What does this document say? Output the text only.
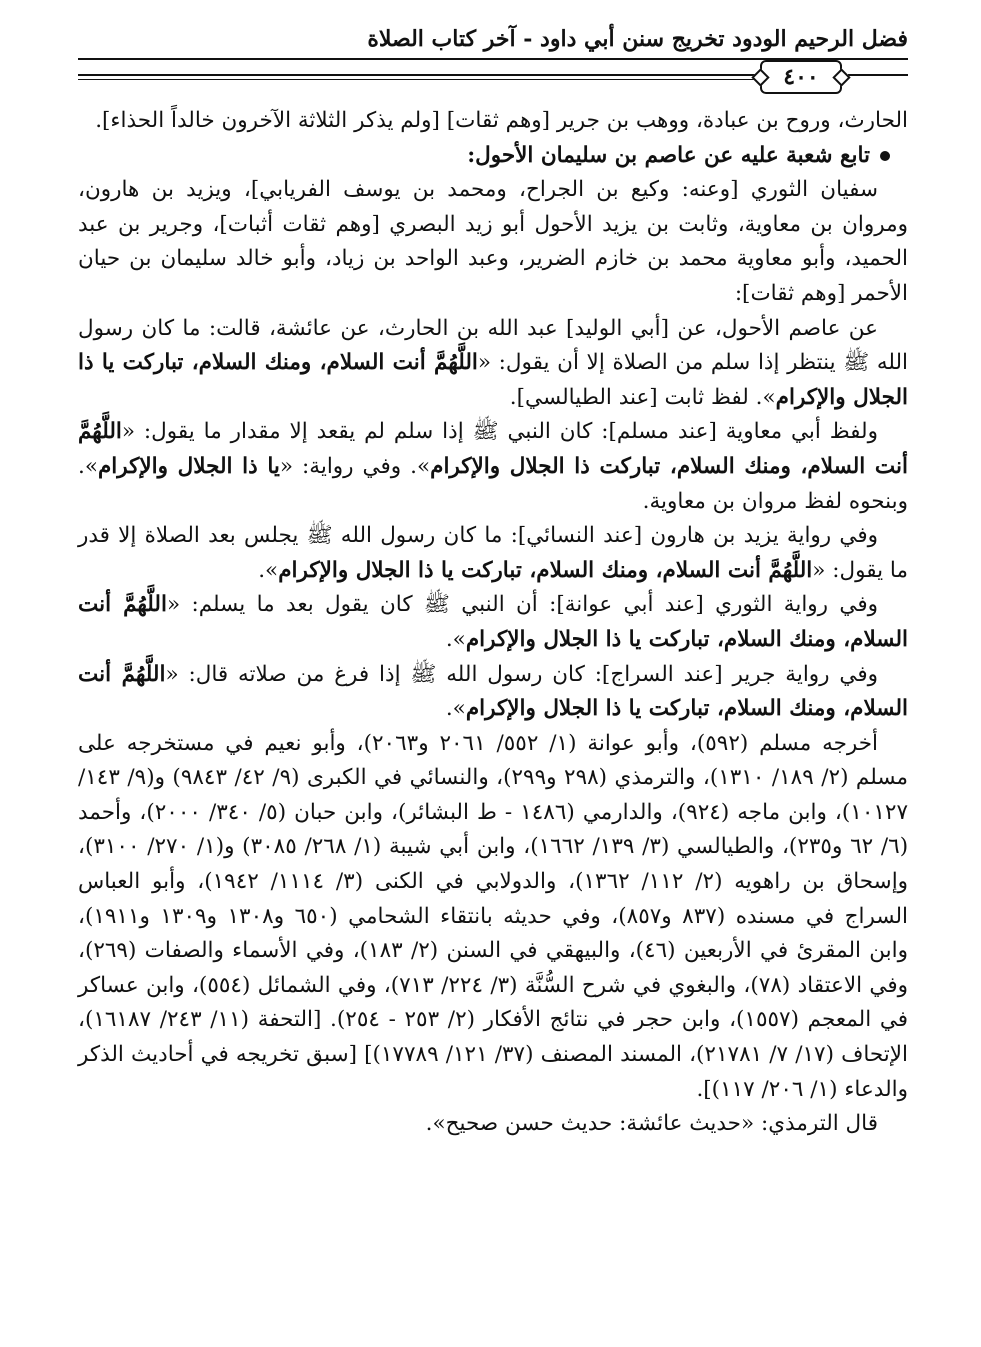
فضل الرحيم الودود تخريج سنن أبي داود - آخر كتاب الصلاة
٤٠٠

الحارث، وروح بن عبادة، ووهب بن جرير [وهم ثقات] [ولم يذكر الثلاثة الآخرون خالداً الحذاء].

تابع شعبة عليه عن عاصم بن سليمان الأحول:

سفيان الثوري [وعنه: وكيع بن الجراح، ومحمد بن يوسف الفريابي]، ويزيد بن هارون، ومروان بن معاوية، وثابت بن يزيد الأحول أبو زيد البصري [وهم ثقات أثبات]، وجرير بن عبد الحميد، وأبو معاوية محمد بن خازم الضرير، وعبد الواحد بن زياد، وأبو خالد سليمان بن حيان الأحمر [وهم ثقات]:

عن عاصم الأحول، عن [أبي الوليد] عبد الله بن الحارث، عن عائشة، قالت: ما كان رسول الله ﷺ ينتظر إذا سلم من الصلاة إلا أن يقول: «اللَّهُمَّ أنت السلام، ومنك السلام، تباركت يا ذا الجلال والإكرام». لفظ ثابت [عند الطيالسي].

ولفظ أبي معاوية [عند مسلم]: كان النبي ﷺ إذا سلم لم يقعد إلا مقدار ما يقول: «اللَّهُمَّ أنت السلام، ومنك السلام، تباركت ذا الجلال والإكرام». وفي رواية: «يا ذا الجلال والإكرام». وبنحوه لفظ مروان بن معاوية.

وفي رواية يزيد بن هارون [عند النسائي]: ما كان رسول الله ﷺ يجلس بعد الصلاة إلا قدر ما يقول: «اللَّهُمَّ أنت السلام، ومنك السلام، تباركت يا ذا الجلال والإكرام».

وفي رواية الثوري [عند أبي عوانة]: أن النبي ﷺ كان يقول بعد ما يسلم: «اللَّهُمَّ أنت السلام، ومنك السلام، تباركت يا ذا الجلال والإكرام».

وفي رواية جرير [عند السراج]: كان رسول الله ﷺ إذا فرغ من صلاته قال: «اللَّهُمَّ أنت السلام، ومنك السلام، تباركت يا ذا الجلال والإكرام».

أخرجه مسلم (٥٩٢)، وأبو عوانة (١/ ٥٥٢/ ٢٠٦١ و٢٠٦٣)، وأبو نعيم في مستخرجه على مسلم (٢/ ١٨٩/ ١٣١٠)، والترمذي (٢٩٨ و٢٩٩)، والنسائي في الكبرى (٩/ ٤٢/ ٩٨٤٣) و(٩/ ١٤٣/ ١٠١٢٧)، وابن ماجه (٩٢٤)، والدارمي (١٤٨٦ - ط البشائر)، وابن حبان (٥/ ٣٤٠/ ٢٠٠٠)، وأحمد (٦/ ٦٢ و٢٣٥)، والطيالسي (٣/ ١٣٩/ ١٦٦٢)، وابن أبي شيبة (١/ ٢٦٨/ ٣٠٨٥) و(١/ ٢٧٠/ ٣١٠٠)، وإسحاق بن راهويه (٢/ ١١٢/ ١٣٦٢)، والدولابي في الكنى (٣/ ١١١٤/ ١٩٤٢)، وأبو العباس السراج في مسنده (٨٣٧ و٨٥٧)، وفي حديثه بانتقاء الشحامي (٦٥٠ و١٣٠٨ و١٣٠٩ و١٩١١)، وابن المقرئ في الأربعين (٤٦)، والبيهقي في السنن (٢/ ١٨٣)، وفي الأسماء والصفات (٢٦٩)، وفي الاعتقاد (٧٨)، والبغوي في شرح السُّنَّة (٣/ ٢٢٤/ ٧١٣)، وفي الشمائل (٥٥٤)، وابن عساكر في المعجم (١٥٥٧)، وابن حجر في نتائج الأفكار (٢/ ٢٥٣ - ٢٥٤). [التحفة (١١/ ٢٤٣/ ١٦١٨٧)، الإتحاف (١٧/ ٧/ ٢١٧٨١)، المسند المصنف (٣٧/ ١٢١/ ١٧٧٨٩)] [سبق تخريجه في أحاديث الذكر والدعاء (١/ ٢٠٦/ ١١٧)].

قال الترمذي: «حديث عائشة: حديث حسن صحيح».
